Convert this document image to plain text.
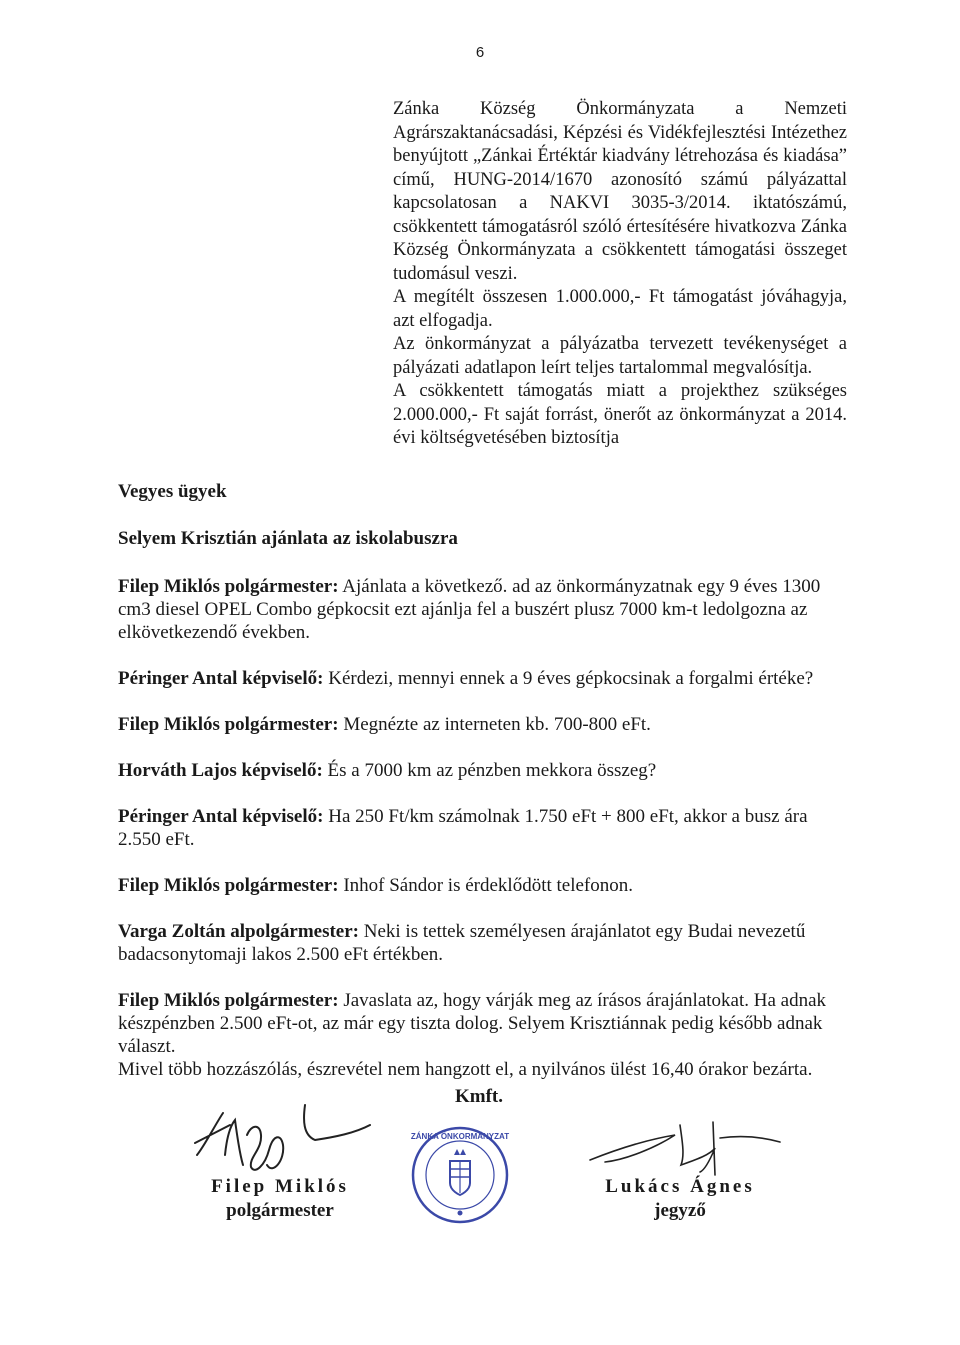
6

Zánka Község Önkormányzata a Nemzeti Agrárszaktanácsadási, Képzési és Vidékfejlesztési Intézethez benyújtott „Zánkai Értéktár kiadvány létrehozása és kiadása” című, HUNG-2014/1670 azonosító számú pályázattal kapcsolatosan a NAKVI 3035-3/2014. iktatószámú, csökkentett támogatásról szóló értesítésére hivatkozva Zánka Község Önkormányzata a csökkentett támogatási összeget tudomásul veszi.

A megítélt összesen 1.000.000,- Ft támogatást jóváhagyja, azt elfogadja.

Az önkormányzat a pályázatba tervezett tevékenységet a pályázati adatlapon leírt teljes tartalommal megvalósítja.

A csökkentett támogatás miatt a projekthez szükséges 2.000.000,- Ft saját forrást, önerőt az önkormányzat a 2014. évi költségvetésében biztosítja

Vegyes ügyek
Selyem Krisztián ajánlata az iskolabuszra

Filep Miklós polgármester: Ajánlata a következő. ad az önkormányzatnak egy 9 éves 1300 cm3 diesel OPEL Combo gépkocsit ezt ajánlja fel a buszért plusz 7000 km-t ledolgozna az elkövetkezendő években.

Péringer Antal képviselő: Kérdezi, mennyi ennek a 9 éves gépkocsinak a forgalmi értéke?

Filep Miklós polgármester: Megnézte az interneten kb. 700-800 eFt.

Horváth Lajos képviselő: És a 7000 km az pénzben mekkora összeg?

Péringer Antal képviselő: Ha 250 Ft/km számolnak 1.750 eFt + 800 eFt, akkor a busz ára 2.550 eFt.

Filep Miklós polgármester: Inhof Sándor is érdeklődött telefonon.

Varga Zoltán alpolgármester: Neki is tettek személyesen árajánlatot egy Budai nevezetű badacsonytomaji lakos 2.500 eFt értékben.

Filep Miklós polgármester: Javaslata az, hogy várják meg az írásos árajánlatokat. Ha adnak készpénzben 2.500 eFt-ot, az már egy tiszta dolog. Selyem Krisztiánnak pedig később adnak választ.

Mivel több hozzászólás, észrevétel nem hangzott el, a nyilvános ülést 16,40 órakor bezárta.

Kmft.
ZÁNKA ÖNKORMÁNYZAT
Filep Miklós
polgármester
Lukács Ágnes
jegyző
